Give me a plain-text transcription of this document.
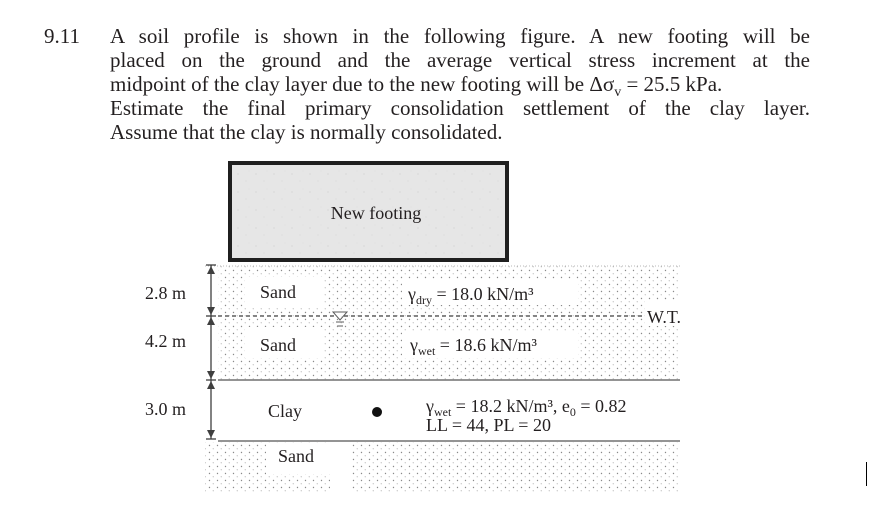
9.11 A soil profile is shown in the following figure. A new footing will be
placed on the ground and the average vertical stress increment at the
midpoint of the clay layer due to the new footing will be $\Delta\sigma_v = 25.5$ kPa.
Estimate the final primary consolidation settlement of the clay layer.
Assume that the clay is normally consolidated.
New footing
2.8 m
4.2 m
3.0 m
Sand
Sand
Clay
Sand
$\gamma_{dry} = 18.0$ kN/m³
$\gamma_{wet} = 18.6$ kN/m³
$\gamma_{wet} = 18.2$ kN/m³, $e_0 = 0.82$
LL = 44, PL = 20
W.T.
